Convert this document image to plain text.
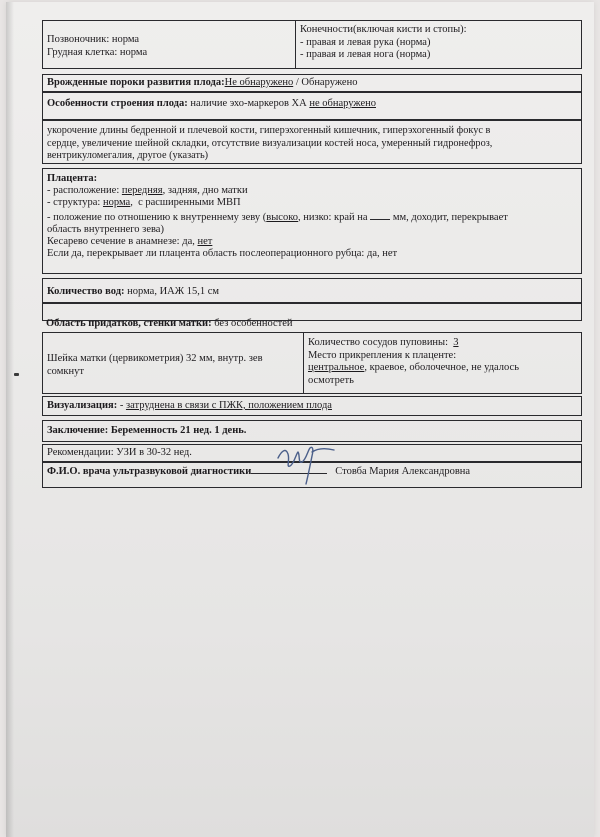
Позвоночник: норма
Грудная клетка: норма
Конечности(включая кисти и стопы):
- правая и левая рука (норма)
- правая и левая нога (норма)
Врожденные пороки развития плода:Не обнаружено / Обнаружено
Особенности строения плода: наличие эхо-маркеров ХА не обнаружено
укорочение длины бедренной и плечевой кости, гиперэхогенный кишечник, гиперэхогенный фокус в
сердце, увеличение шейной складки, отсутствие визуализации костей носа, умеренный гидронефроз,
вентрикуломегалия, другое (указать)
Плацента:
- расположение: передняя, задняя, дно матки
- структура: норма,  с расширенными МВП
- положение по отношению к внутреннему зеву (высоко, низко: край на  мм, доходит, перекрывает
область внутреннего зева)
Кесарево сечение в анамнезе: да, нет
Если да, перекрывает ли плацента область послеоперационного рубца: да, нет
Количество вод: норма, ИАЖ 15,1 см
Область придатков, стенки матки: без особенностей
Шейка матки (цервикометрия) 32 мм, внутр. зев
сомкнут
Количество сосудов пуповины:  3
Место прикрепления к плаценте:
центральное, краевое, оболочечное, не удалось
осмотреть
Визуализация: - затруднена в связи с ПЖК, положением плода
Заключение: Беременность 21 нед. 1 день.
Рекомендации: УЗИ в 30-32 нед.
Ф.И.О. врача ультразвуковой диагностики	Стовба Мария Александровна
